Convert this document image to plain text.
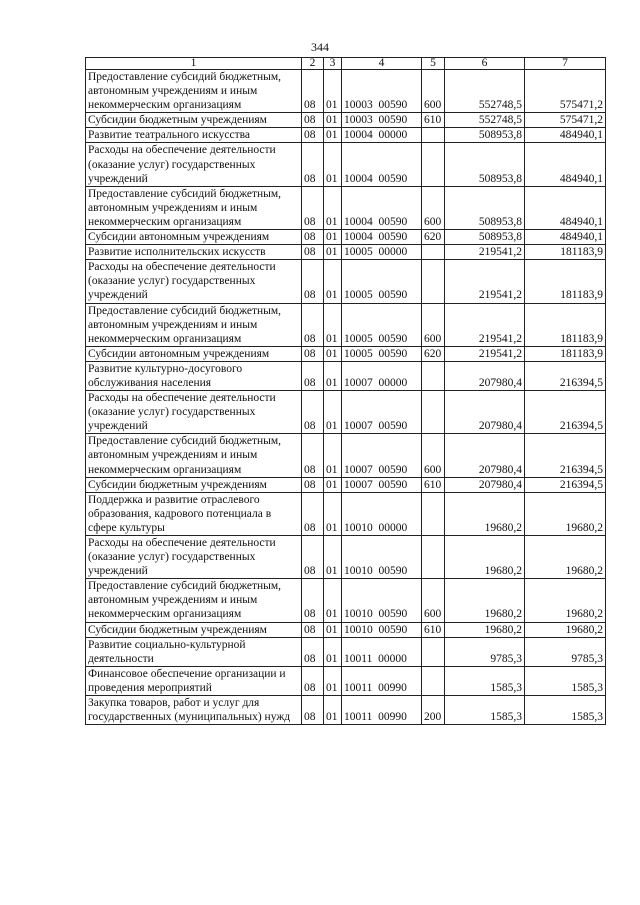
344
1	2	3	4	5	6	7
Предоставление субсидий бюджетным, автономным учреждениям и иным некоммерческим организациям	08	01	10003  00590	600	552748,5	575471,2
Субсидии бюджетным учреждениям	08	01	10003  00590	610	552748,5	575471,2
Развитие театрального искусства	08	01	10004  00000		508953,8	484940,1
Расходы на обеспечение деятельности (оказание услуг) государственных учреждений	08	01	10004  00590		508953,8	484940,1
Предоставление субсидий бюджетным, автономным учреждениям и иным некоммерческим организациям	08	01	10004  00590	600	508953,8	484940,1
Субсидии автономным учреждениям	08	01	10004  00590	620	508953,8	484940,1
Развитие исполнительских искусств	08	01	10005  00000		219541,2	181183,9
Расходы на обеспечение деятельности (оказание услуг) государственных учреждений	08	01	10005  00590		219541,2	181183,9
Предоставление субсидий бюджетным, автономным учреждениям и иным некоммерческим организациям	08	01	10005  00590	600	219541,2	181183,9
Субсидии автономным учреждениям	08	01	10005  00590	620	219541,2	181183,9
Развитие культурно-досугового обслуживания населения	08	01	10007  00000		207980,4	216394,5
Расходы на обеспечение деятельности (оказание услуг) государственных учреждений	08	01	10007  00590		207980,4	216394,5
Предоставление субсидий бюджетным, автономным учреждениям и иным некоммерческим организациям	08	01	10007  00590	600	207980,4	216394,5
Субсидии бюджетным учреждениям	08	01	10007  00590	610	207980,4	216394,5
Поддержка и развитие отраслевого образования, кадрового потенциала в сфере культуры	08	01	10010  00000		19680,2	19680,2
Расходы на обеспечение деятельности (оказание услуг) государственных учреждений	08	01	10010  00590		19680,2	19680,2
Предоставление субсидий бюджетным, автономным учреждениям и иным некоммерческим организациям	08	01	10010  00590	600	19680,2	19680,2
Субсидии бюджетным учреждениям	08	01	10010  00590	610	19680,2	19680,2
Развитие социально-культурной деятельности	08	01	10011  00000		9785,3	9785,3
Финансовое обеспечение организации и проведения мероприятий	08	01	10011  00990		1585,3	1585,3
Закупка товаров, работ и услуг для государственных (муниципальных) нужд	08	01	10011  00990	200	1585,3	1585,3
